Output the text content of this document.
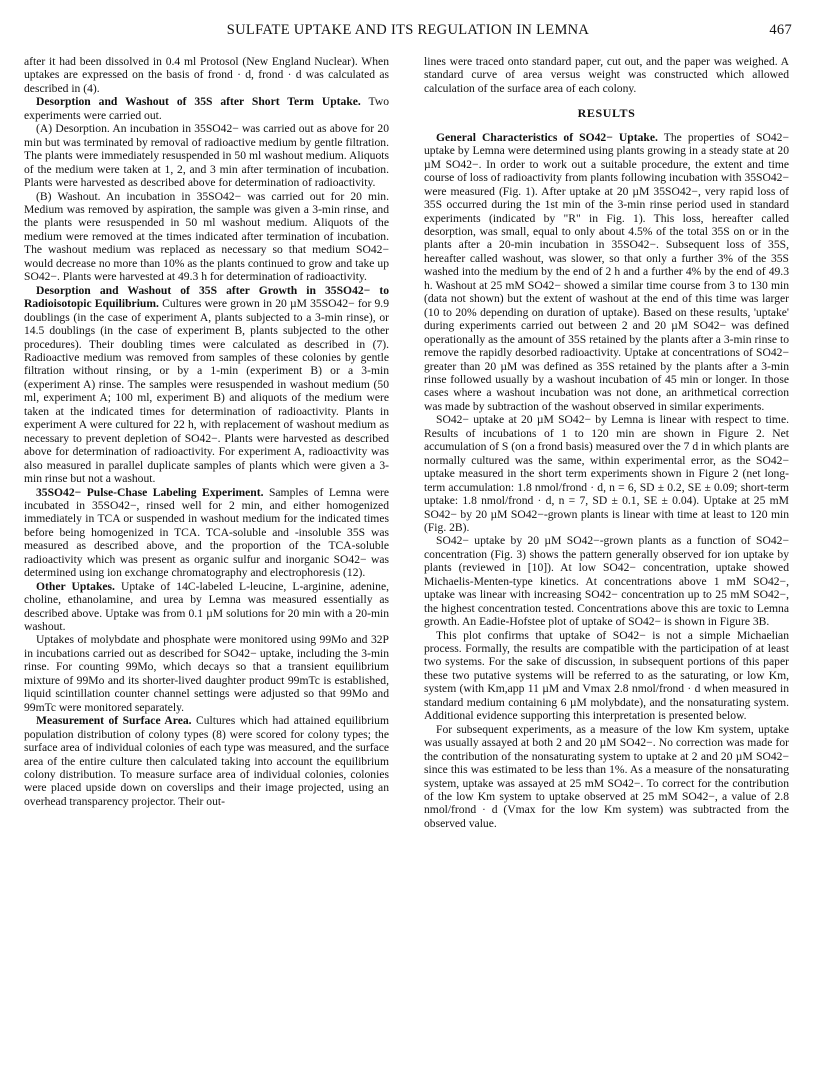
SULFATE UPTAKE AND ITS REGULATION IN LEMNA	467

after it had been dissolved in 0.4 ml Protosol (New England Nuclear). When uptakes are expressed on the basis of frond · d, frond · d was calculated as described in (4).

Desorption and Washout of 35S after Short Term Uptake. Two experiments were carried out.

(A) Desorption. An incubation in 35SO42− was carried out as above for 20 min but was terminated by removal of radioactive medium by gentle filtration. The plants were immediately resuspended in 50 ml washout medium. Aliquots of the medium were taken at 1, 2, and 3 min after termination of incubation. Plants were harvested as described above for determination of radioactivity.

(B) Washout. An incubation in 35SO42− was carried out for 20 min. Medium was removed by aspiration, the sample was given a 3-min rinse, and the plants were resuspended in 50 ml washout medium. Aliquots of the medium were removed at the times indicated after termination of incubation. The washout medium was replaced as necessary so that medium SO42− would decrease no more than 10% as the plants continued to grow and take up SO42−. Plants were harvested at 49.3 h for determination of radioactivity.

Desorption and Washout of 35S after Growth in 35SO42− to Radioisotopic Equilibrium. Cultures were grown in 20 µM 35SO42− for 9.9 doublings (in the case of experiment A, plants subjected to a 3-min rinse), or 14.5 doublings (in the case of experiment B, plants subjected to the other procedures). Their doubling times were calculated as described in (7). Radioactive medium was removed from samples of these colonies by gentle filtration without rinsing, or by a 1-min (experiment B) or a 3-min (experiment A) rinse. The samples were resuspended in washout medium (50 ml, experiment A; 100 ml, experiment B) and aliquots of the medium were taken at the indicated times for determination of radioactivity. Plants in experiment A were cultured for 22 h, with replacement of washout medium as necessary to prevent depletion of SO42−. Plants were harvested as described above for determination of radioactivity. For experiment A, radioactivity was also measured in parallel duplicate samples of plants which were given a 3-min rinse but not a washout.

35SO42− Pulse-Chase Labeling Experiment. Samples of Lemna were incubated in 35SO42−, rinsed well for 2 min, and either homogenized immediately in TCA or suspended in washout medium for the indicated times before being homogenized in TCA. TCA-soluble and -insoluble 35S was measured as described above, and the proportion of the TCA-soluble radioactivity which was present as organic sulfur and inorganic SO42− was determined using ion exchange chromatography and electrophoresis (12).

Other Uptakes. Uptake of 14C-labeled L-leucine, L-arginine, adenine, choline, ethanolamine, and urea by Lemna was measured essentially as described above. Uptake was from 0.1 µM solutions for 20 min with a 20-min washout.

Uptakes of molybdate and phosphate were monitored using 99Mo and 32P in incubations carried out as described for SO42− uptake, including the 3-min rinse. For counting 99Mo, which decays so that a transient equilibrium mixture of 99Mo and its shorter-lived daughter product 99mTc is established, liquid scintillation counter channel settings were adjusted so that 99Mo and 99mTc were monitored separately.

Measurement of Surface Area. Cultures which had attained equilibrium population distribution of colony types (8) were scored for colony types; the surface area of individual colonies of each type was measured, and the surface area of the entire culture then calculated taking into account the equilibrium colony distribution. To measure surface area of individual colonies, colonies were placed upside down on coverslips and their image projected, using an overhead transparency projector. Their out-

lines were traced onto standard paper, cut out, and the paper was weighed. A standard curve of area versus weight was constructed which allowed calculation of the surface area of each colony.

RESULTS

General Characteristics of SO42− Uptake. The properties of SO42− uptake by Lemna were determined using plants growing in a steady state at 20 µM SO42−. In order to work out a suitable procedure, the extent and time course of loss of radioactivity from plants following incubation with 35SO42− were measured (Fig. 1). After uptake at 20 µM 35SO42−, very rapid loss of 35S occurred during the 1st min of the 3-min rinse period used in standard experiments (indicated by "R" in Fig. 1). This loss, hereafter called desorption, was small, equal to only about 4.5% of the total 35S on or in the plants after a 20-min incubation in 35SO42−. Subsequent loss of 35S, hereafter called washout, was slower, so that only a further 3% of the 35S washed into the medium by the end of 2 h and a further 4% by the end of 49.3 h. Washout at 25 mM SO42− showed a similar time course from 3 to 130 min (data not shown) but the extent of washout at the end of this time was larger (10 to 20% depending on duration of uptake). Based on these results, 'uptake' during experiments carried out between 2 and 20 µM SO42− was defined operationally as the amount of 35S retained by the plants after a 3-min rinse to remove the rapidly desorbed radioactivity. Uptake at concentrations of SO42− greater than 20 µM was defined as 35S retained by the plants after a 3-min rinse followed usually by a washout incubation of 45 min or longer. In those cases where a washout incubation was not done, an arithmetical correction was made by subtraction of the washout observed in similar experiments.

SO42− uptake at 20 µM SO42− by Lemna is linear with respect to time. Results of incubations of 1 to 120 min are shown in Figure 2. Net accumulation of S (on a frond basis) measured over the 7 d in which plants are normally cultured was the same, within experimental error, as the SO42− uptake measured in the short term experiments shown in Figure 2 (net long-term accumulation: 1.8 nmol/frond · d, n = 6, SD ± 0.2, SE ± 0.09; short-term uptake: 1.8 nmol/frond · d, n = 7, SD ± 0.1, SE ± 0.04). Uptake at 25 mM SO42− by 20 µM SO42−-grown plants is linear with time at least to 120 min (Fig. 2B).

SO42− uptake by 20 µM SO42−-grown plants as a function of SO42− concentration (Fig. 3) shows the pattern generally observed for ion uptake by plants (reviewed in [10]). At low SO42− concentration, uptake showed Michaelis-Menten-type kinetics. At concentrations above 1 mM SO42−, uptake was linear with increasing SO42− concentration up to 25 mM SO42−, the highest concentration tested. Concentrations above this are toxic to Lemna growth. An Eadie-Hofstee plot of uptake of SO42− is shown in Figure 3B.

This plot confirms that uptake of SO42− is not a simple Michaelian process. Formally, the results are compatible with the participation of at least two systems. For the sake of discussion, in subsequent portions of this paper these two putative systems will be referred to as the saturating, or low Km, system (with Km,app 11 µM and Vmax 2.8 nmol/frond · d when measured in standard medium containing 6 µM molybdate), and the nonsaturating system. Additional evidence supporting this interpretation is presented below.

For subsequent experiments, as a measure of the low Km system, uptake was usually assayed at both 2 and 20 µM SO42−. No correction was made for the contribution of the nonsaturating system to uptake at 2 and 20 µM SO42− since this was estimated to be less than 1%. As a measure of the nonsaturating system, uptake was assayed at 25 mM SO42−. To correct for the contribution of the low Km system to uptake observed at 25 mM SO42−, a value of 2.8 nmol/frond · d (Vmax for the low Km system) was subtracted from the observed value.
